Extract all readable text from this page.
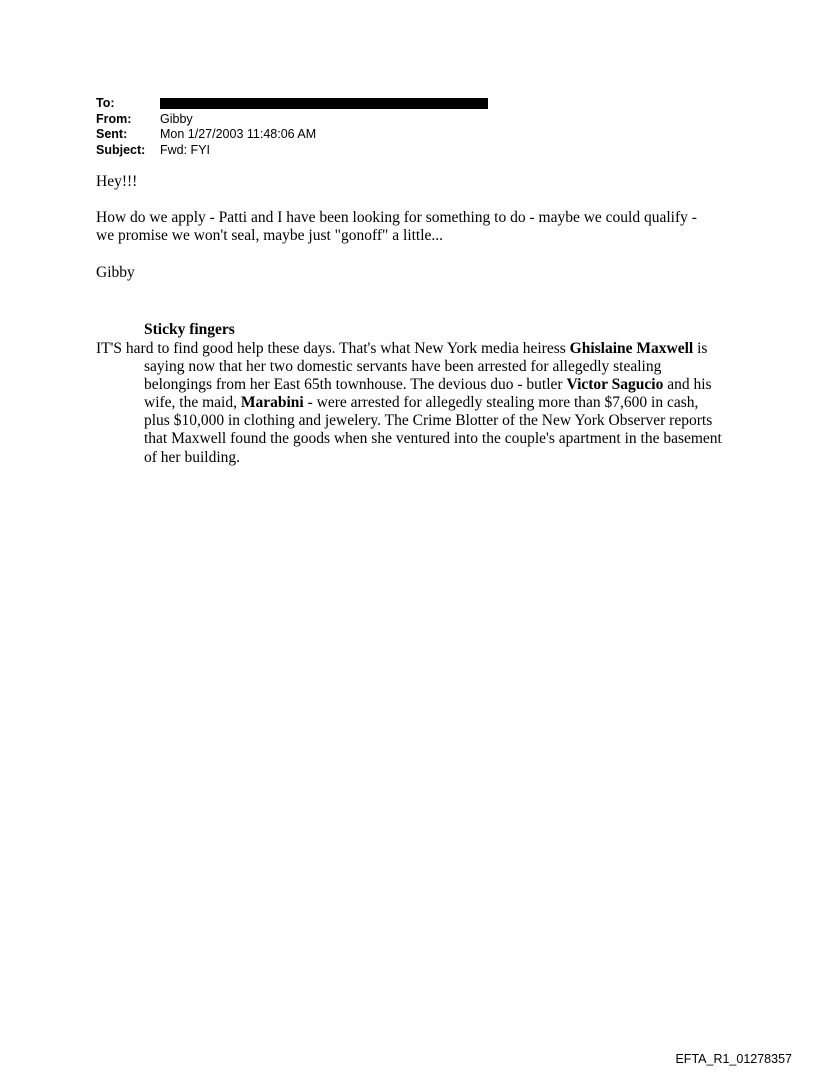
To:
From:	Gibby
Sent:	Mon 1/27/2003 11:48:06 AM
Subject:	Fwd: FYI
Hey!!!
How do we apply - Patti and I have been looking for something to do - maybe we could qualify -
we promise we won't seal, maybe just "gonoff" a little...
Gibby
Sticky fingers
IT'S hard to find good help these days. That's what New York media heiress Ghislaine Maxwell is saying now that her two domestic servants have been arrested for allegedly stealing belongings from her East 65th townhouse. The devious duo - butler Victor Sagucio and his wife, the maid, Marabini - were arrested for allegedly stealing more than $7,600 in cash, plus $10,000 in clothing and jewelery. The Crime Blotter of the New York Observer reports that Maxwell found the goods when she ventured into the couple's apartment in the basement of her building.
EFTA_R1_01278357
